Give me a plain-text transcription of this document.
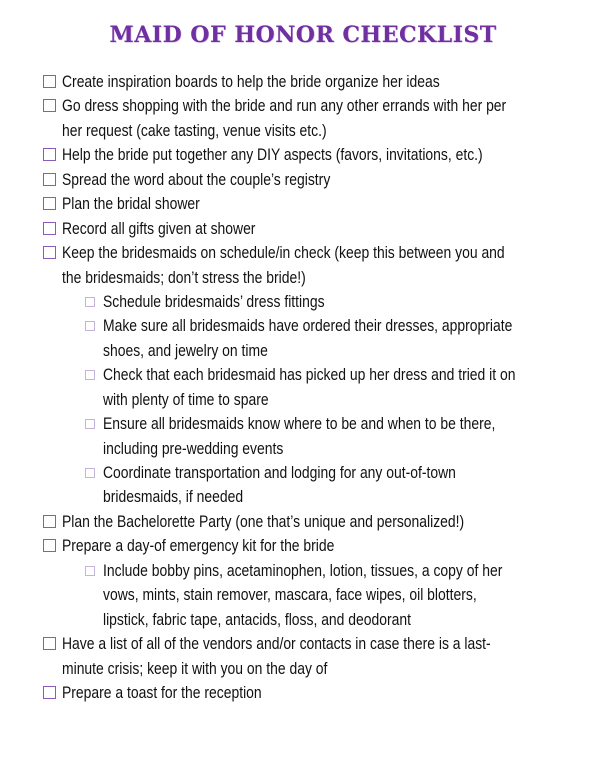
MAID OF HONOR CHECKLIST
Create inspiration boards to help the bride organize her ideas
Go dress shopping with the bride and run any other errands with her per
her request (cake tasting, venue visits etc.)
Help the bride put together any DIY aspects (favors, invitations, etc.)
Spread the word about the couple’s registry
Plan the bridal shower
Record all gifts given at shower
Keep the bridesmaids on schedule/in check (keep this between you and
the bridesmaids; don’t stress the bride!)
Schedule bridesmaids’ dress fittings
Make sure all bridesmaids have ordered their dresses, appropriate
shoes, and jewelry on time
Check that each bridesmaid has picked up her dress and tried it on
with plenty of time to spare
Ensure all bridesmaids know where to be and when to be there,
including pre-wedding events
Coordinate transportation and lodging for any out-of-town
bridesmaids, if needed
Plan the Bachelorette Party (one that’s unique and personalized!)
Prepare a day-of emergency kit for the bride
Include bobby pins, acetaminophen, lotion, tissues, a copy of her
vows, mints, stain remover, mascara, face wipes, oil blotters,
lipstick, fabric tape, antacids, floss, and deodorant
Have a list of all of the vendors and/or contacts in case there is a last-
minute crisis; keep it with you on the day of
Prepare a toast for the reception
